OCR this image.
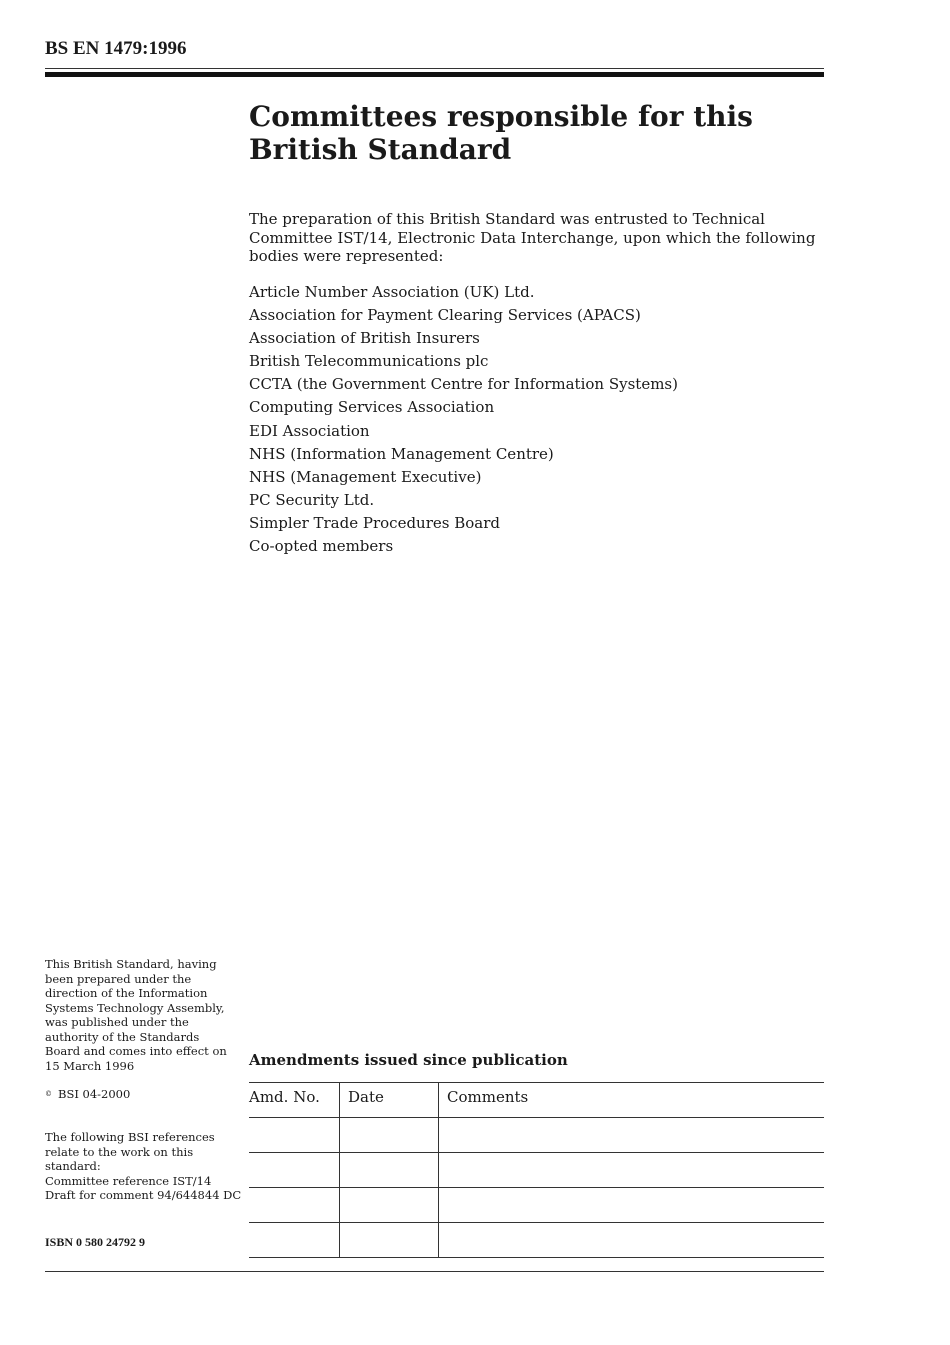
BS EN 1479:1996
Committees responsible for this
British Standard

The preparation of this British Standard was entrusted to Technical Committee IST/14, Electronic Data Interchange, upon which the following bodies were represented:

Article Number Association (UK) Ltd.
Association for Payment Clearing Services (APACS)
Association of British Insurers
British Telecommunications plc
CCTA (the Government Centre for Information Systems)
Computing Services Association
EDI Association
NHS (Information Management Centre)
NHS (Management Executive)
PC Security Ltd.
Simpler Trade Procedures Board
Co-opted members
This British Standard, having
been prepared under the
direction of the Information
Systems Technology Assembly,
was published under the
authority of the Standards
Board and comes into effect on
15 March 1996
© BSI 04-2000
The following BSI references
relate to the work on this
standard:
Committee reference IST/14
Draft for comment 94/644844 DC
ISBN 0 580 24792 9
Amendments issued since publication
Amd. No.	Date	Comments
